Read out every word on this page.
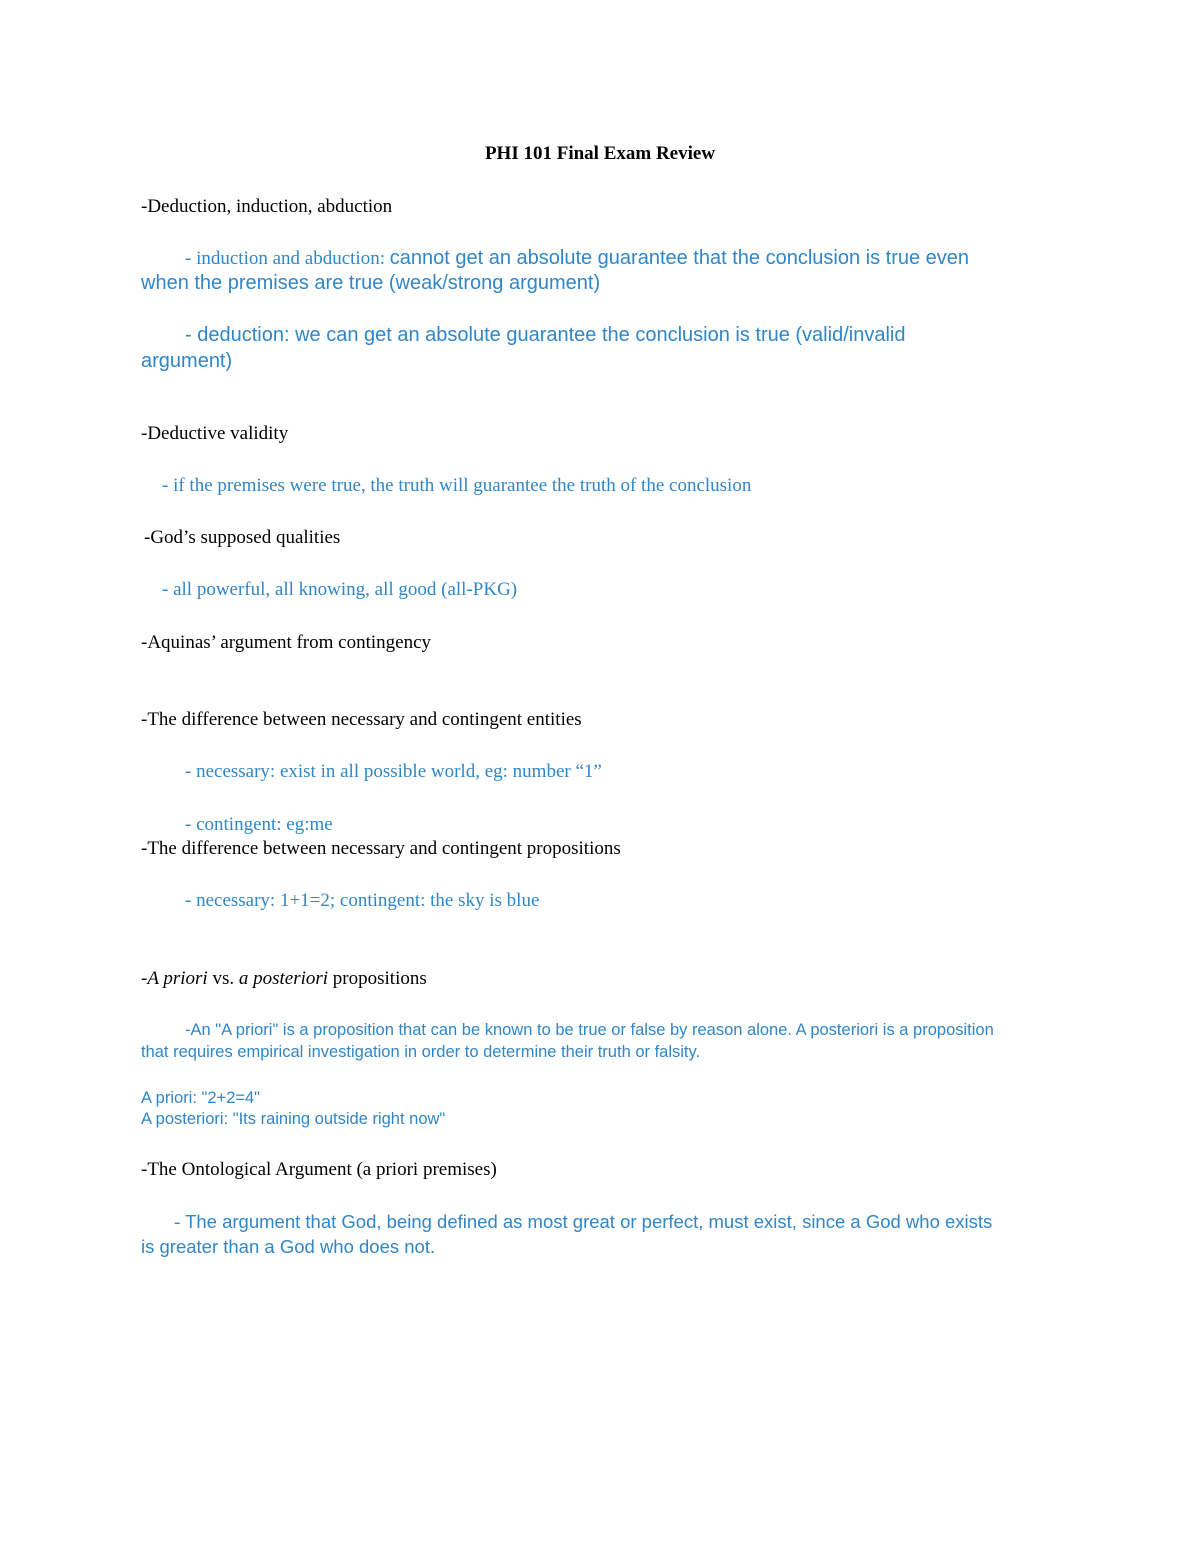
PHI 101 Final Exam Review
-Deduction, induction, abduction
- induction and abduction: cannot get an absolute guarantee that the conclusion is true even
when the premises are true (weak/strong argument)
- deduction: we can get an absolute guarantee the conclusion is true (valid/invalid
argument)
-Deductive validity
- if the premises were true, the truth will guarantee the truth of the conclusion
-God’s supposed qualities
- all powerful, all knowing, all good (all-PKG)
-Aquinas’ argument from contingency
-The difference between necessary and contingent entities
- necessary: exist in all possible world, eg: number “1”
- contingent: eg:me
-The difference between necessary and contingent propositions
- necessary: 1+1=2; contingent: the sky is blue
-A priori vs. a posteriori propositions
-An "A priori" is a proposition that can be known to be true or false by reason alone. A posteriori is a proposition
that requires empirical investigation in order to determine their truth or falsity.
A priori: "2+2=4"
A posteriori: "Its raining outside right now"
-The Ontological Argument (a priori premises)
- The argument that God, being defined as most great or perfect, must exist, since a God who exists
is greater than a God who does not.
